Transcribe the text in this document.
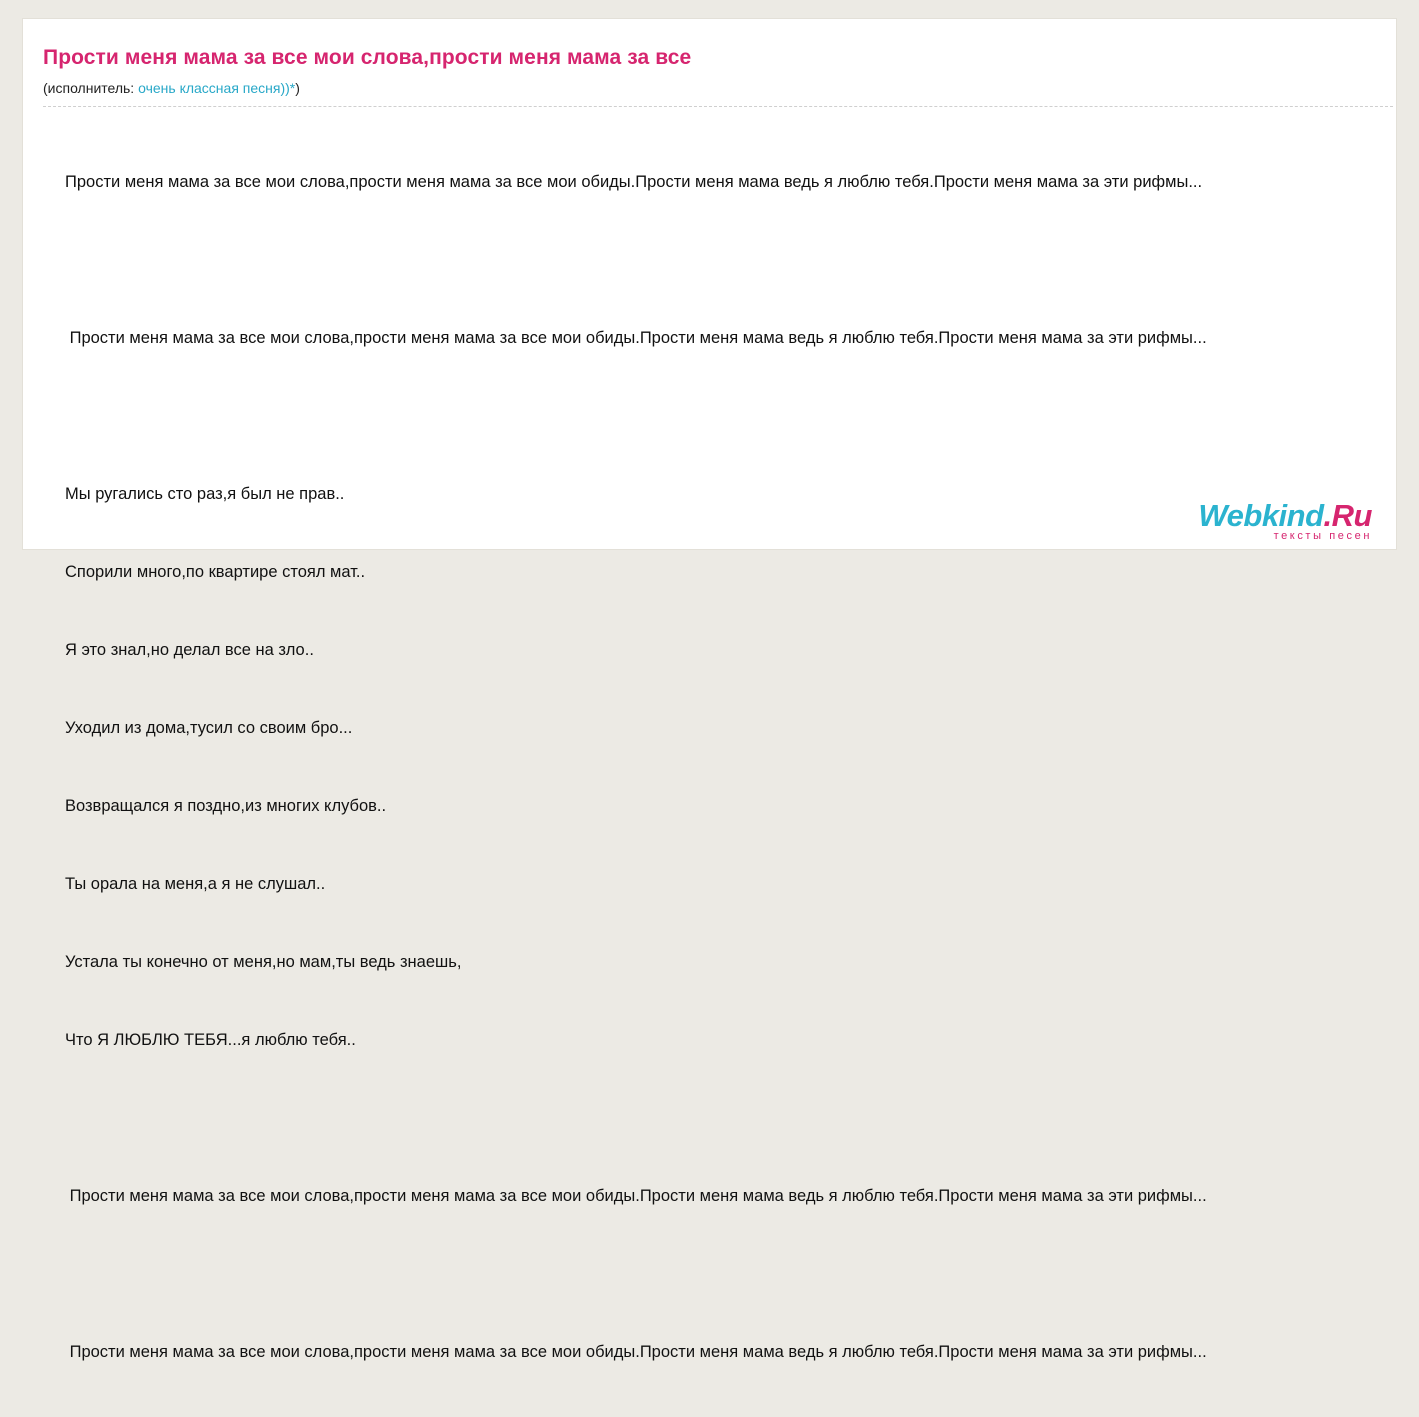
Прости меня мама за все мои слова,прости меня мама за все
(исполнитель: очень классная песня))*)

Прости меня мама за все мои слова,прости меня мама за все мои обиды.Прости меня мама ведь я люблю тебя.Прости меня мама за эти рифмы...

Прости меня мама за все мои слова,прости меня мама за все мои обиды.Прости меня мама ведь я люблю тебя.Прости меня мама за эти рифмы...

Мы ругались сто раз,я был не прав..

Спорили много,по квартире стоял мат..

Я это знал,но делал все на зло..

Уходил из дома,тусил со своим бро...

Возвращался я поздно,из многих клубов..

Ты орала на меня,а я не слушал..

Устала ты конечно от меня,но мам,ты ведь знаешь,

Что Я ЛЮБЛЮ ТЕБЯ...я люблю тебя..

Прости меня мама за все мои слова,прости меня мама за все мои обиды.Прости меня мама ведь я люблю тебя.Прости меня мама за эти рифмы...

Прости меня мама за все мои слова,прости меня мама за все мои обиды.Прости меня мама ведь я люблю тебя.Прости меня мама за эти рифмы...

Webkind.Ru
тексты песен
